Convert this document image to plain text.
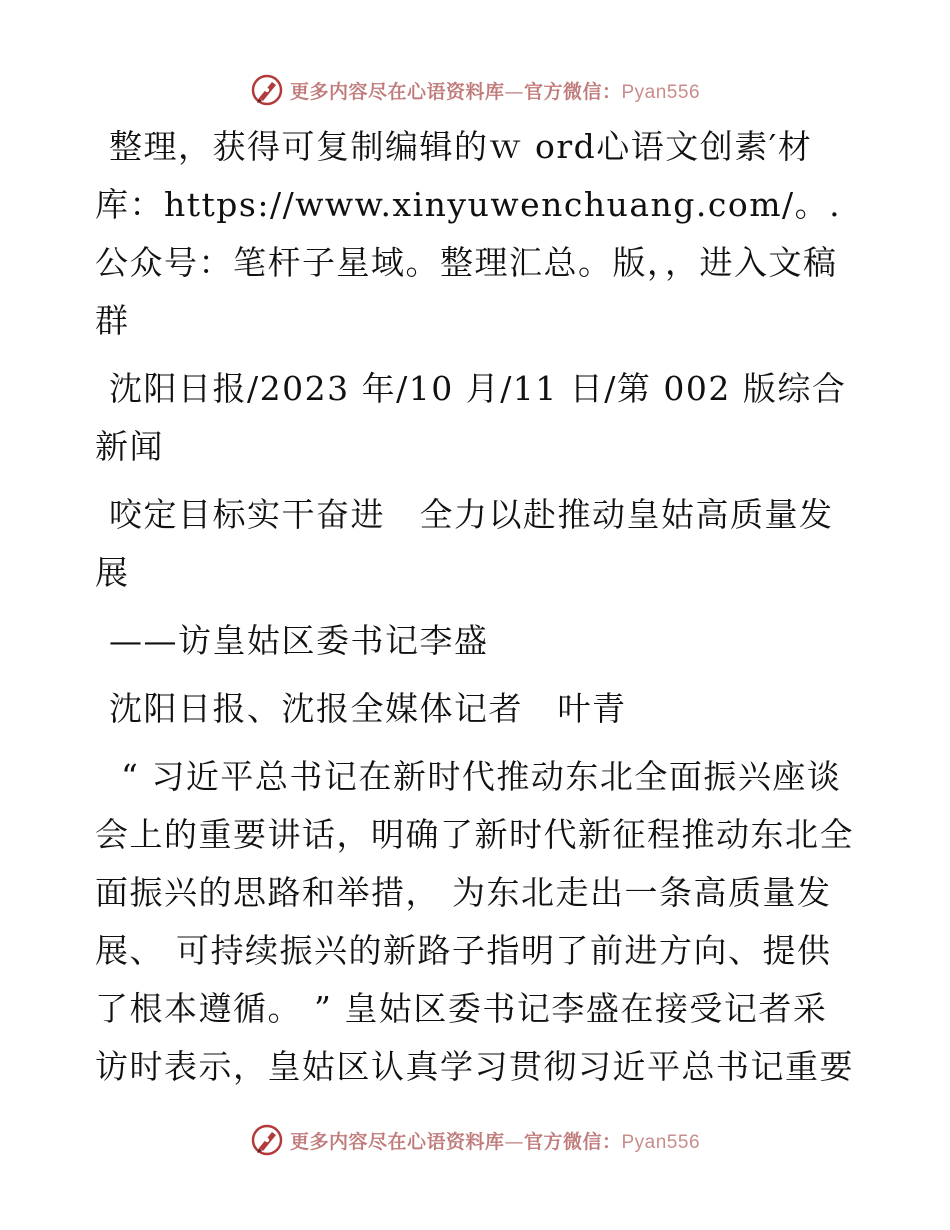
更多内容尽在心语资料库—官方微信：Pyan556

整理，获得可复制编辑的ｗ ord心语文创素′材库：https://www.xinyuwenchuang.com/。.公众号：笔杆子星域。整理汇总。版，，进入文稿群

沈阳日报/2023 年/10 月/11 日/第 002 版综合新闻

咬定目标实干奋进　全力以赴推动皇姑高质量发展

——访皇姑区委书记李盛

沈阳日报、沈报全媒体记者　叶青

“ 习近平总书记在新时代推动东北全面振兴座谈会上的重要讲话，明确了新时代新征程推动东北全面振兴的思路和举措， 为东北走出一条高质量发展、 可持续振兴的新路子指明了前进方向、提供了根本遵循。 ” 皇姑区委书记李盛在接受记者采访时表示，皇姑区认真学习贯彻习近平总书记重要

更多内容尽在心语资料库—官方微信：Pyan556
